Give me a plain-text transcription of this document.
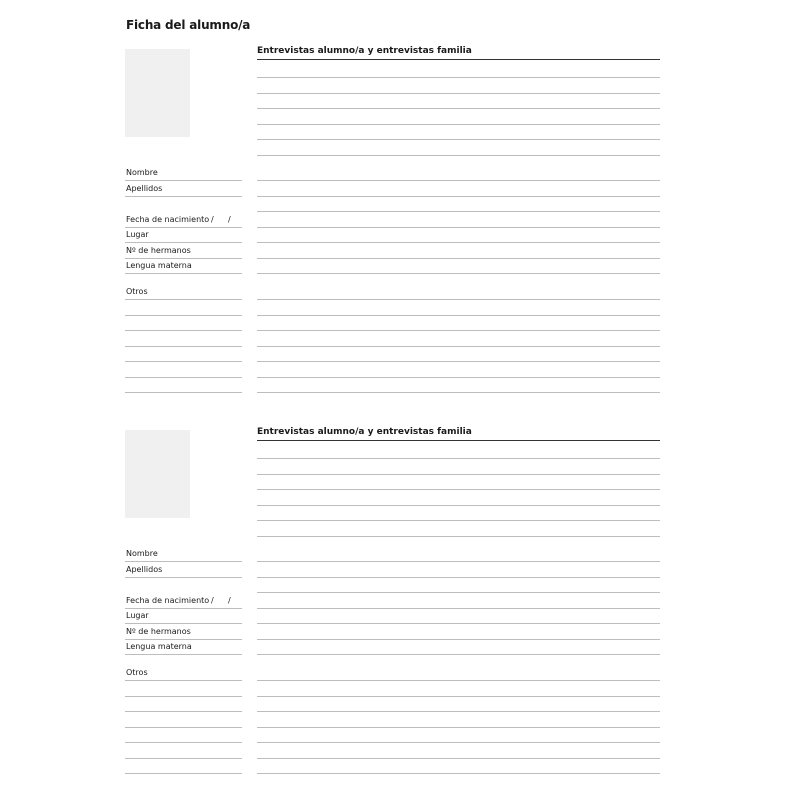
Ficha del alumno/a
Entrevistas alumno/a y entrevistas familia
Nombre
Apellidos
Fecha de nacimiento / /
Lugar
Nº de hermanos
Lengua materna
Otros
Entrevistas alumno/a y entrevistas familia
Nombre
Apellidos
Fecha de nacimiento / /
Lugar
Nº de hermanos
Lengua materna
Otros
